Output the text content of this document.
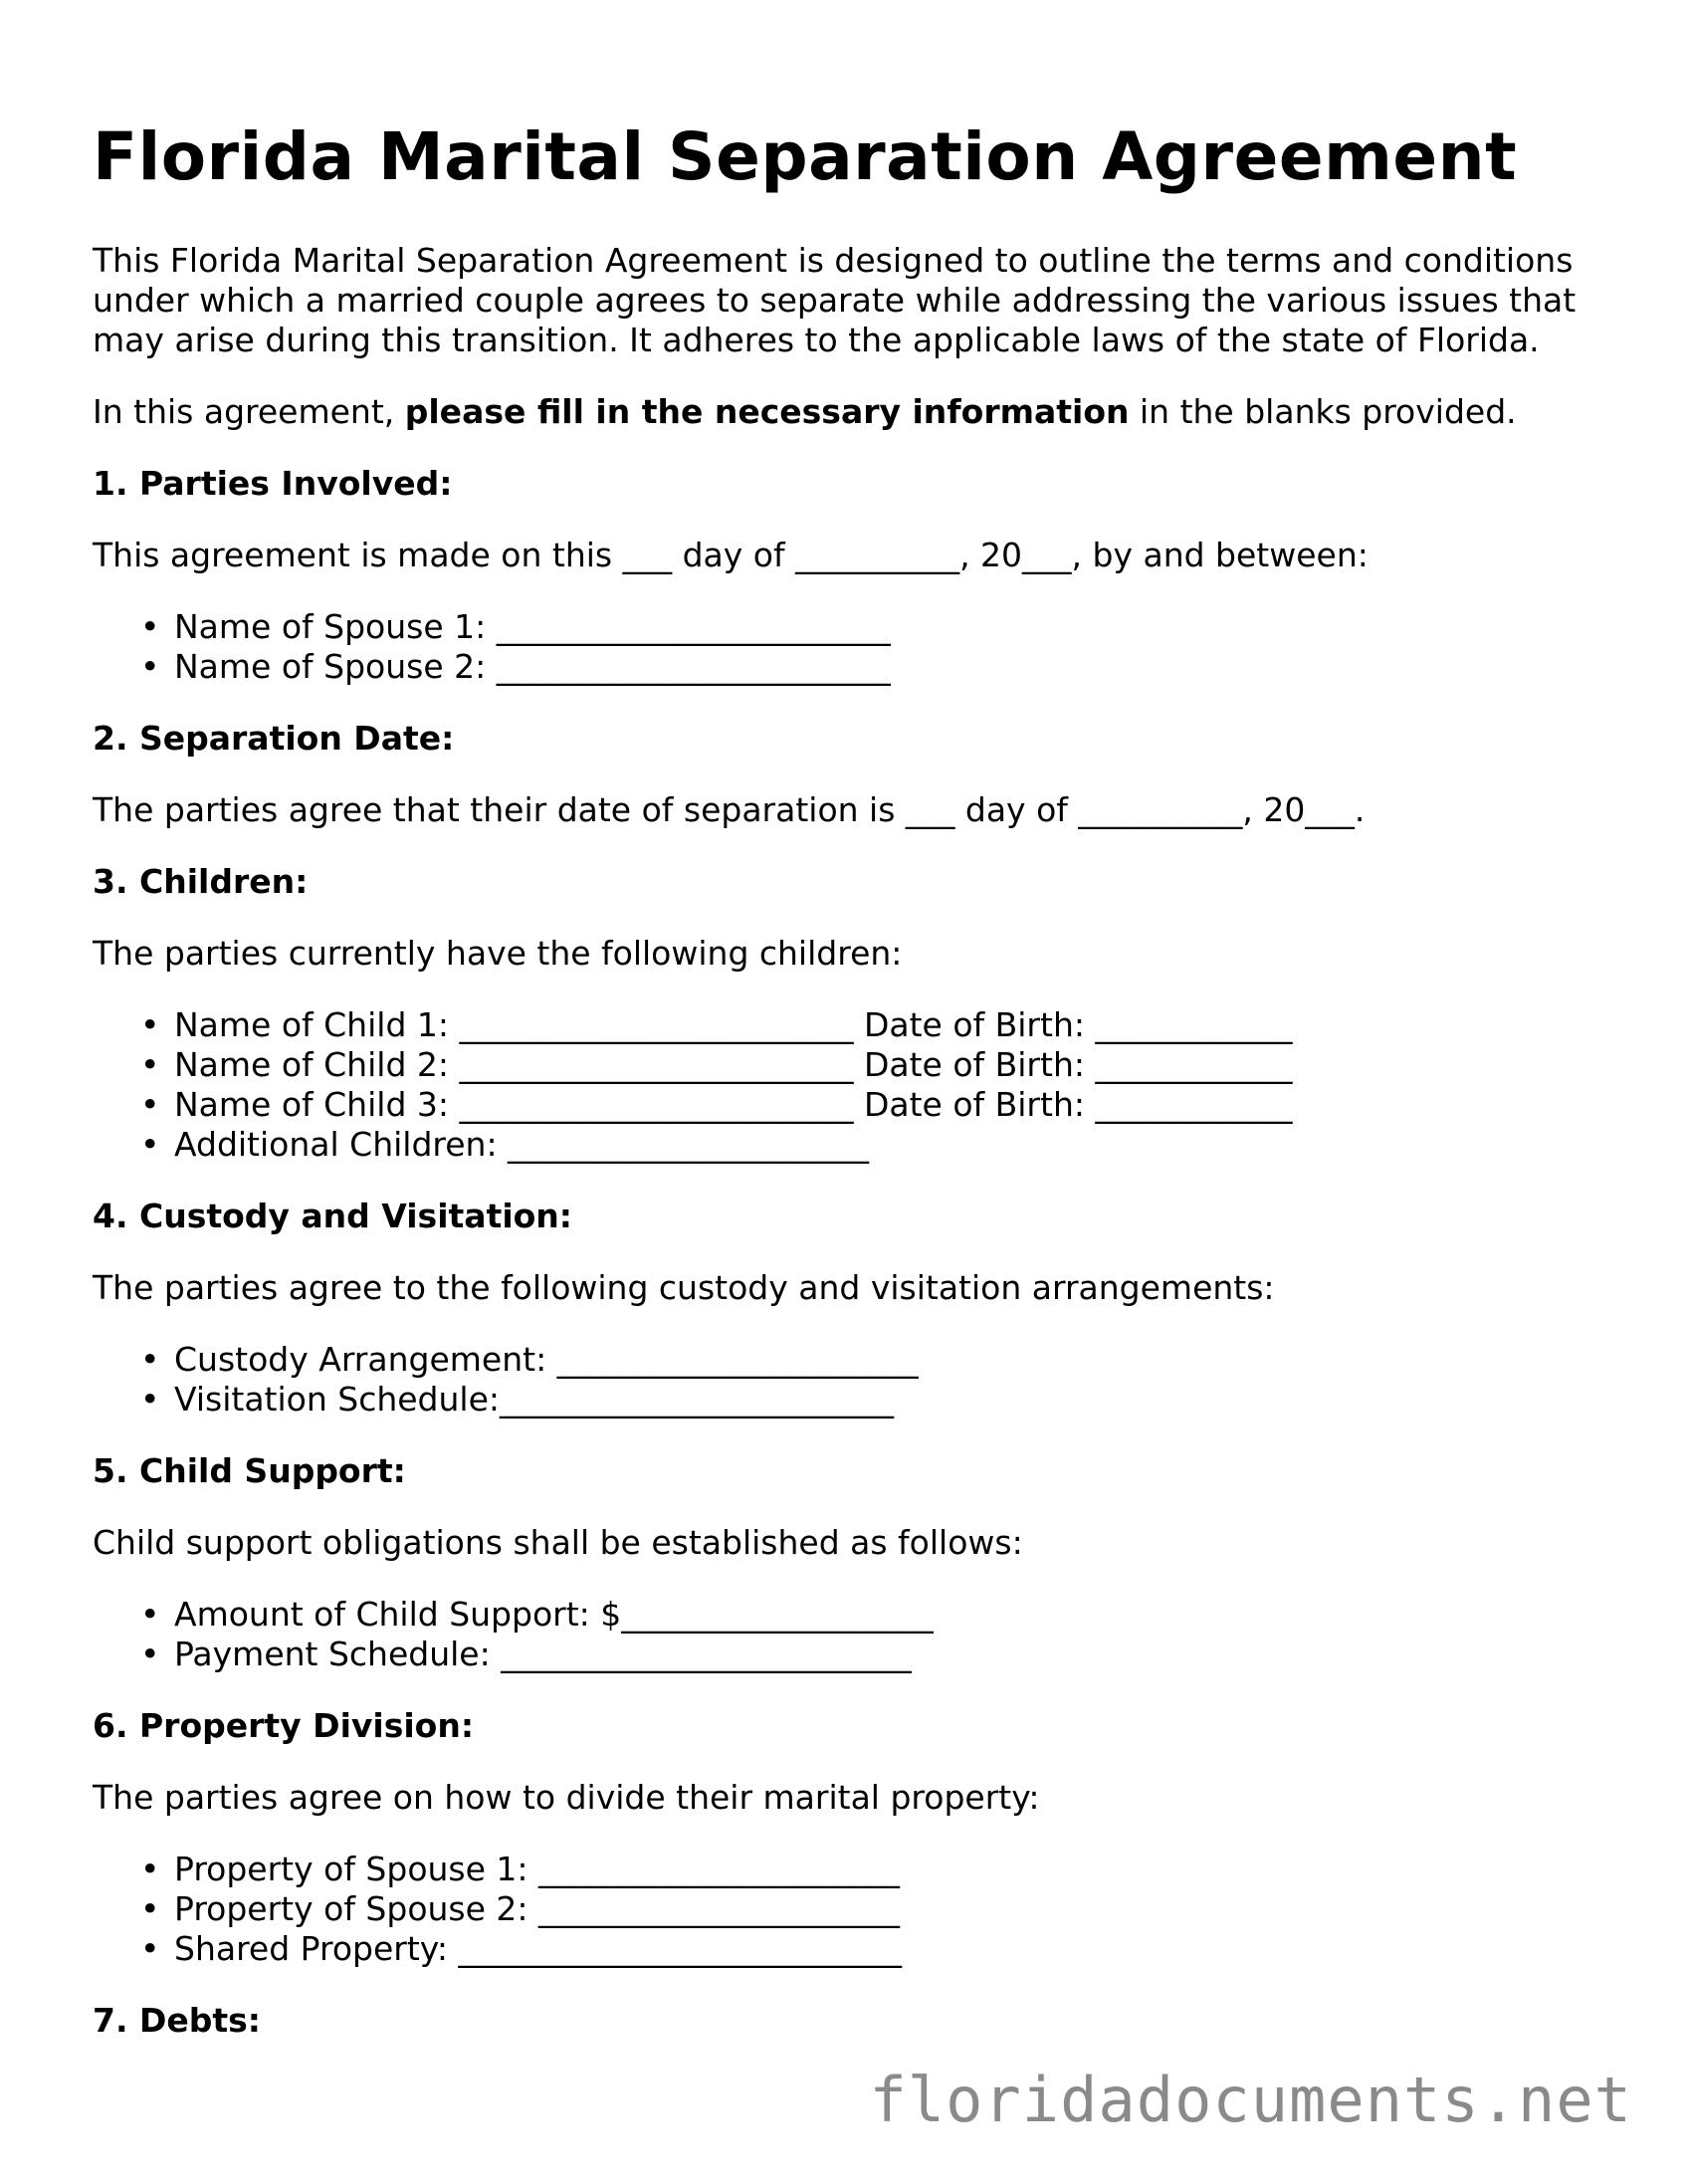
Florida Marital Separation Agreement

This Florida Marital Separation Agreement is designed to outline the terms and conditions under which a married couple agrees to separate while addressing the various issues that may arise during this transition. It adheres to the applicable laws of the state of Florida.

In this agreement, please fill in the necessary information in the blanks provided.

1. Parties Involved:

This agreement is made on this ___ day of __________, 20___, by and between:

• Name of Spouse 1: ________________________
• Name of Spouse 2: ________________________
2. Separation Date:

The parties agree that their date of separation is ___ day of __________, 20___.

3. Children:

The parties currently have the following children:

• Name of Child 1: ________________________ Date of Birth: ____________
• Name of Child 2: ________________________ Date of Birth: ____________
• Name of Child 3: ________________________ Date of Birth: ____________
• Additional Children: ______________________
4. Custody and Visitation:

The parties agree to the following custody and visitation arrangements:

• Custody Arrangement: ______________________
• Visitation Schedule:________________________
5. Child Support:

Child support obligations shall be established as follows:

• Amount of Child Support: $___________________
• Payment Schedule: _________________________
6. Property Division:

The parties agree on how to divide their marital property:

• Property of Spouse 1: ______________________
• Property of Spouse 2: ______________________
• Shared Property: ___________________________
7. Debts:
floridadocuments.net
